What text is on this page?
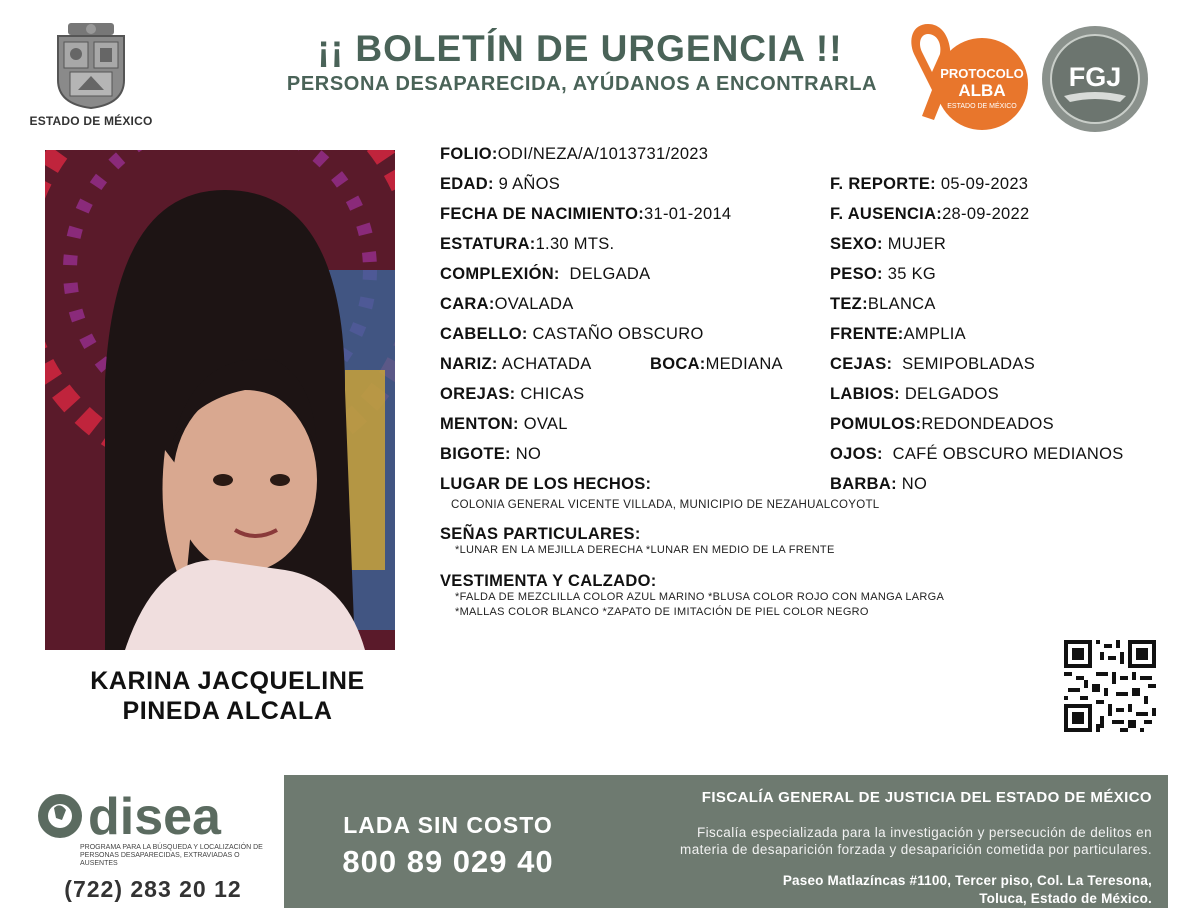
ESTADO DE MÉXICO
¡¡ BOLETÍN DE URGENCIA !!
PERSONA DESAPARECIDA, AYÚDANOS A ENCONTRARLA	PROTOCOLO
ALBA
ESTADO DE MÉXICO
FGJ
KARINA JACQUELINE
PINEDA ALCALA
FOLIO:ODI/NEZA/A/1013731/2023
EDAD: 9 AÑOS
FECHA DE NACIMIENTO:31-01-2014
ESTATURA:1.30 MTS.
COMPLEXIÓN: DELGADA
CARA:OVALADA
CABELLO: CASTAÑO OBSCURO
NARIZ: ACHATADA	BOCA:MEDIANA
OREJAS: CHICAS
MENTON: OVAL
BIGOTE: NO
LUGAR DE LOS HECHOS:
COLONIA GENERAL VICENTE VILLADA, MUNICIPIO DE NEZAHUALCOYOTL
F. REPORTE: 05-09-2023
F. AUSENCIA:28-09-2022
SEXO: MUJER
PESO: 35 KG
TEZ:BLANCA
FRENTE:AMPLIA
CEJAS: SEMIPOBLADAS
LABIOS: DELGADOS
POMULOS:REDONDEADOS
OJOS: CAFÉ OBSCURO MEDIANOS
BARBA: NO
SEÑAS PARTICULARES:
*LUNAR EN LA MEJILLA DERECHA *LUNAR EN MEDIO DE LA FRENTE
VESTIMENTA Y CALZADO:
*FALDA DE MEZCLILLA COLOR AZUL MARINO *BLUSA COLOR ROJO CON MANGA LARGA
*MALLAS COLOR BLANCO *ZAPATO DE IMITACIÓN DE PIEL COLOR NEGRO
disea
PROGRAMA PARA LA BÚSQUEDA Y LOCALIZACIÓN DE PERSONAS DESAPARECIDAS, EXTRAVIADAS O AUSENTES
(722) 283 20 12
LADA SIN COSTO
800 89 029 40
FISCALÍA GENERAL DE JUSTICIA DEL ESTADO DE MÉXICO
Fiscalía especializada para la investigación y persecución de delitos en
materia de desaparición forzada y desaparición cometida por particulares.
Paseo Matlazíncas #1100, Tercer piso, Col. La Teresona,
Toluca, Estado de México.
